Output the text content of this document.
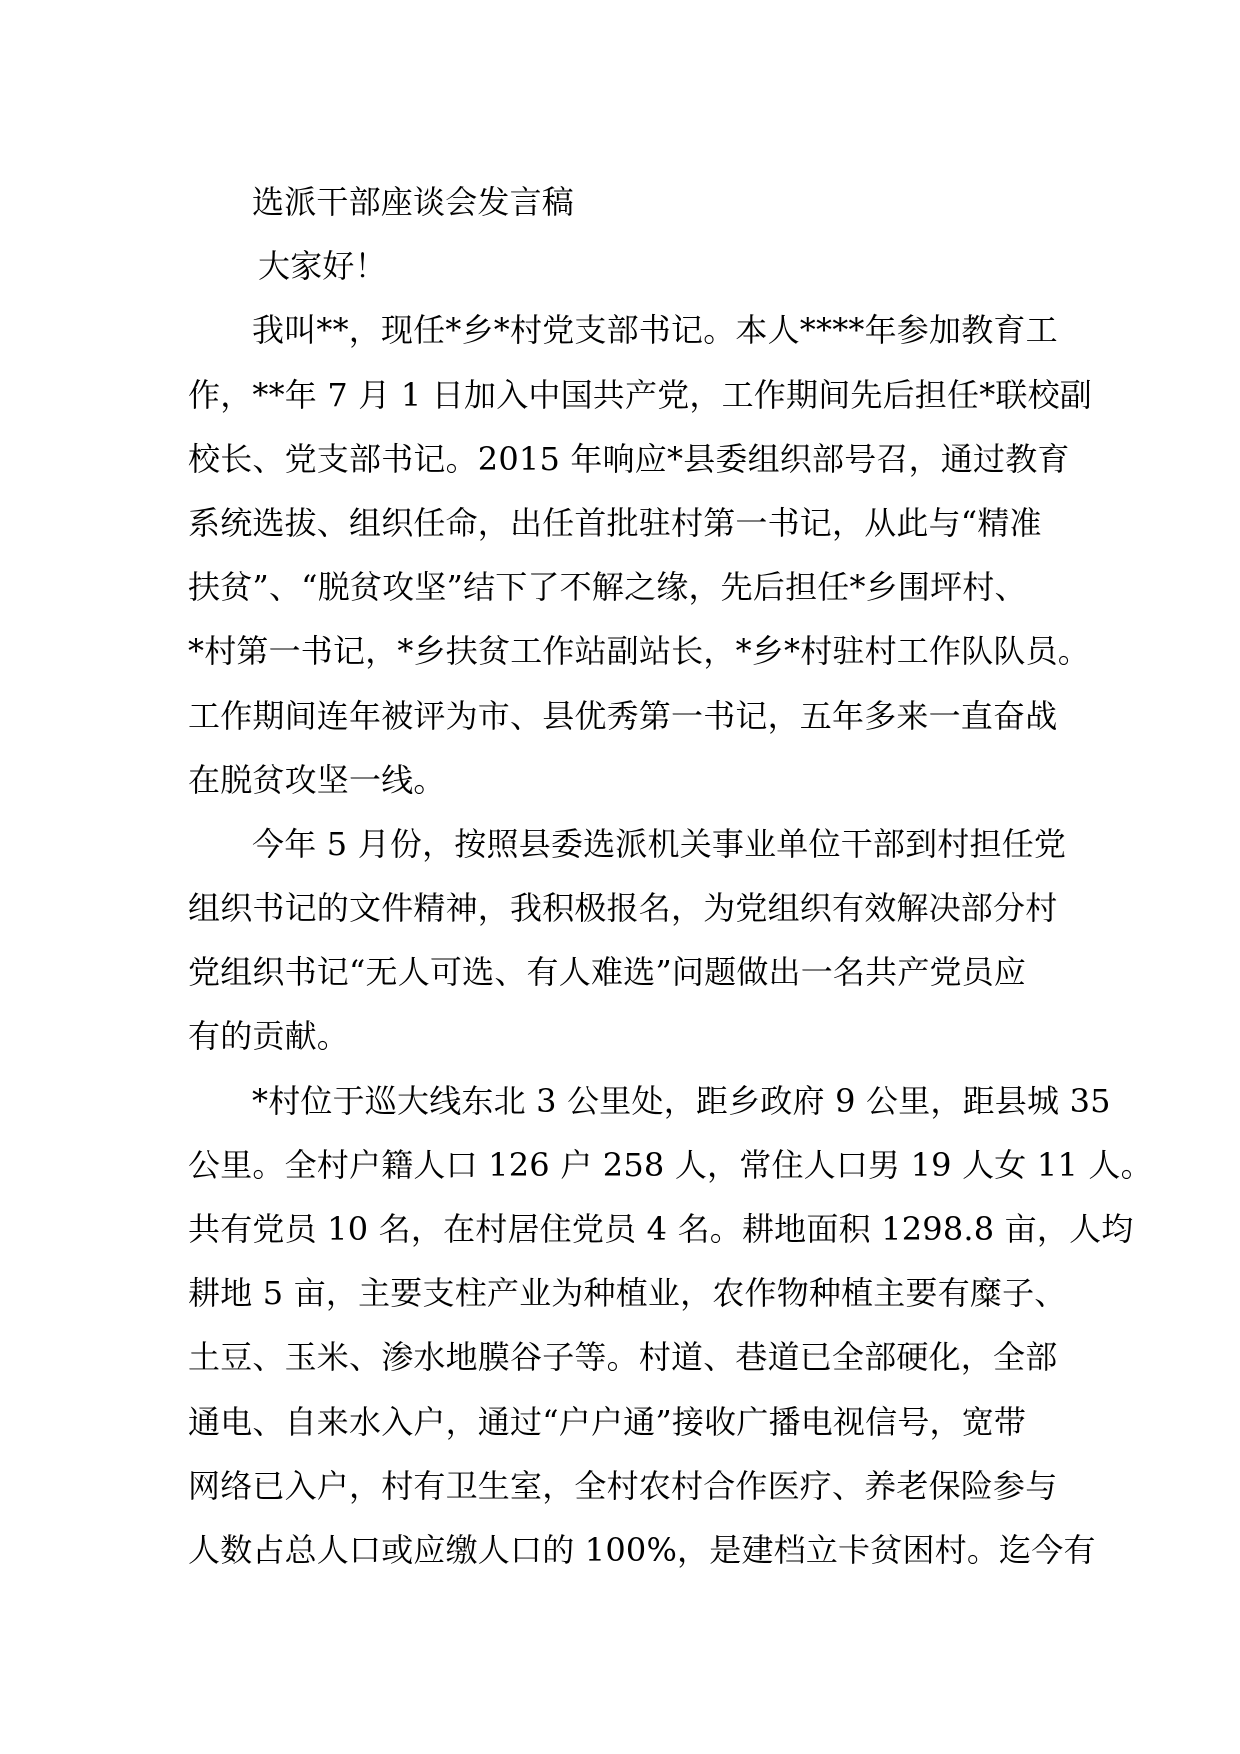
选派干部座谈会发言稿
大家好！
我叫**，现任*乡*村党支部书记。本人****年参加教育工
作，**年 7 月 1 日加入中国共产党，工作期间先后担任*联校副
校长、党支部书记。2015 年响应*县委组织部号召，通过教育
系统选拔、组织任命，出任首批驻村第一书记，从此与“精准
扶贫”、“脱贫攻坚”结下了不解之缘，先后担任*乡围坪村、
*村第一书记，*乡扶贫工作站副站长，*乡*村驻村工作队队员。
工作期间连年被评为市、县优秀第一书记，五年多来一直奋战
在脱贫攻坚一线。
今年 5 月份，按照县委选派机关事业单位干部到村担任党
组织书记的文件精神，我积极报名，为党组织有效解决部分村
党组织书记“无人可选、有人难选”问题做出一名共产党员应
有的贡献。
*村位于巡大线东北 3 公里处，距乡政府 9 公里，距县城 35
公里。全村户籍人口 126 户 258 人，常住人口男 19 人女 11 人。
共有党员 10 名，在村居住党员 4 名。耕地面积 1298.8 亩，人均
耕地 5 亩，主要支柱产业为种植业，农作物种植主要有糜子、
土豆、玉米、渗水地膜谷子等。村道、巷道已全部硬化，全部
通电、自来水入户，通过“户户通”接收广播电视信号，宽带
网络已入户，村有卫生室，全村农村合作医疗、养老保险参与
人数占总人口或应缴人口的 100%，是建档立卡贫困村。迄今有
